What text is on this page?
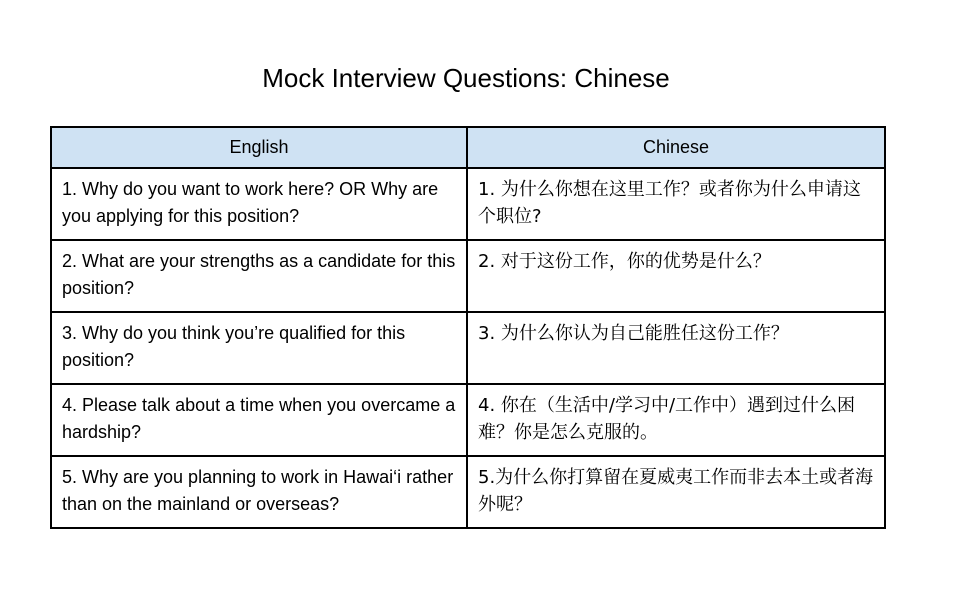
Mock Interview Questions: Chinese
English	Chinese
1. Why do you want to work here? OR Why are you applying for this position?	1. 为什么你想在这里工作？或者你为什么申请这个职位?
2. What are your strengths as a candidate for this position?	2. 对于这份工作，你的优势是什么？
3. Why do you think you’re qualified for this position?	3. 为什么你认为自己能胜任这份工作？
4. Please talk about a time when you overcame a hardship?	4. 你在（生活中/学习中/工作中）遇到过什么困难？你是怎么克服的。
5. Why are you planning to work in Hawai‘i rather than on the mainland or overseas?	5.为什么你打算留在夏威夷工作而非去本土或者海外呢？
